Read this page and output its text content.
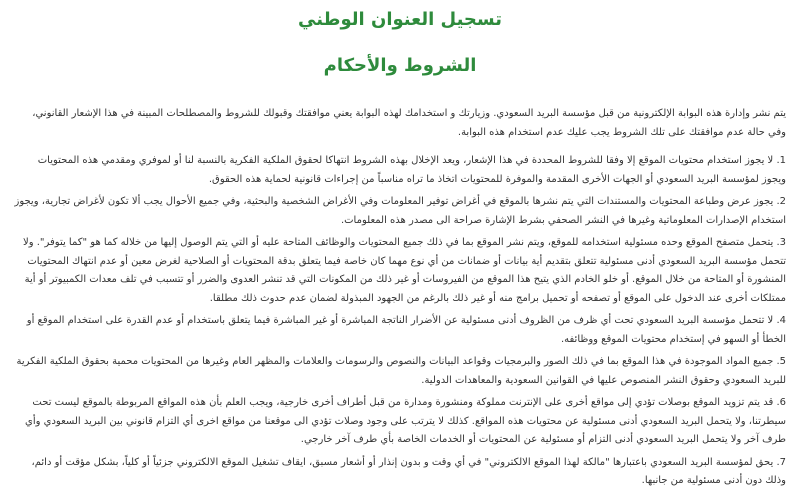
تسجيل العنوان الوطني
الشروط والأحكام

يتم نشر وإدارة هذه البوابة الإلكترونية من قبل مؤسسة البريد السعودي. وزيارتك و استخدامك لهذه البوابة يعني موافقتك وقبولك للشروط والمصطلحات المبينة في هذا الإشعار القانوني، وفي حالة عدم موافقتك على تلك الشروط يجب عليك عدم استخدام هذه البوابة.

1. لا يجوز استخدام محتويات الموقع إلا وفقا للشروط المحددة في هذا الإشعار، ويعد الإخلال بهذه الشروط انتهاكا لحقوق الملكية الفكرية بالنسبة لنا أو لموفري ومقدمي هذه المحتويات ويجوز لمؤسسة البريد السعودي أو الجهات الأخرى المقدمة والموفرة للمحتويات اتخاذ ما تراه مناسباً من إجراءات قانونية لحماية هذه الحقوق.
2. يجوز عرض وطباعة المحتويات والمستندات التي يتم نشرها بالموقع في أغراض توفير المعلومات وفي الأغراض الشخصية والبحثية، وفي جميع الأحوال يجب ألا تكون لأغراض تجارية، ويجوز استخدام الإصدارات المعلوماتية وغيرها في النشر الصحفي بشرط الإشارة صراحة الى مصدر هذه المعلومات.
3. يتحمل متصفح الموقع وحده مسئولية استخدامه للموقع، ويتم نشر الموقع بما في ذلك جميع المحتويات والوظائف المتاحة عليه أو التي يتم الوصول إليها من خلاله كما هو "كما يتوفر". ولا تتحمل مؤسسة البريد السعودي أدنى مسئولية تتعلق بتقديم أية بيانات أو ضمانات من أي نوع مهما كان خاصة فيما يتعلق بدقة المحتويات أو الصلاحية لغرض معين أو عدم انتهاك المحتويات المنشورة أو المتاحة من خلال الموقع. أو خلو الخادم الذي يتيح هذا الموقع من الفيروسات أو غير ذلك من المكونات التي قد تنشر العدوى والضرر أو تتسبب في تلف معدات الكمبيوتر أو أية ممتلكات أخرى عند الدخول على الموقع أو تصفحه أو تحميل برامج منه أو غير ذلك بالرغم من الجهود المبذولة لضمان عدم حدوث ذلك مطلقا.
4. لا تتحمل مؤسسة البريد السعودي تحت أي ظرف من الظروف أدنى مسئولية عن الأضرار الناتجة المباشرة أو غير المباشرة فيما يتعلق باستخدام أو عدم القدرة على استخدام الموقع أو الخطأ أو السهو في إستخدام محتويات الموقع ووظائفه.
5. جميع المواد الموجودة في هذا الموقع بما في ذلك الصور والبرمجيات وقواعد البيانات والنصوص والرسومات والعلامات والمظهر العام وغيرها من المحتويات محمية بحقوق الملكية الفكرية للبريد السعودي وحقوق النشر المنصوص عليها في القوانين السعودية والمعاهدات الدولية.
6. قد يتم تزويد الموقع بوصلات تؤدي إلى مواقع أخرى على الإنترنت مملوكة ومنشورة ومدارة من قبل أطراف أخرى خارجية، ويجب العلم بأن هذه المواقع المربوطة بالموقع ليست تحت سيطرتنا، ولا يتحمل البريد السعودي أدنى مسئولية عن محتويات هذه المواقع. كذلك لا يترتب على وجود وصلات تؤدي الى موقعنا من مواقع اخرى أي التزام قانوني بين البريد السعودي وأي طرف آخر ولا يتحمل البريد السعودي أدنى التزام أو مسئولية عن المحتويات أو الخدمات الخاصة بأي طرف آخر خارجي.
7. يحق لمؤسسة البريد السعودي باعتبارها "مالكة لهذا الموقع الالكتروني" في أي وقت و بدون إنذار أو أشعار مسبق، ايقاف تشغيل الموقع الالكتروني جزئياً أو كلياً، بشكل مؤقت أو دائم، وذلك دون أدنى مسئولية من جانبها.
